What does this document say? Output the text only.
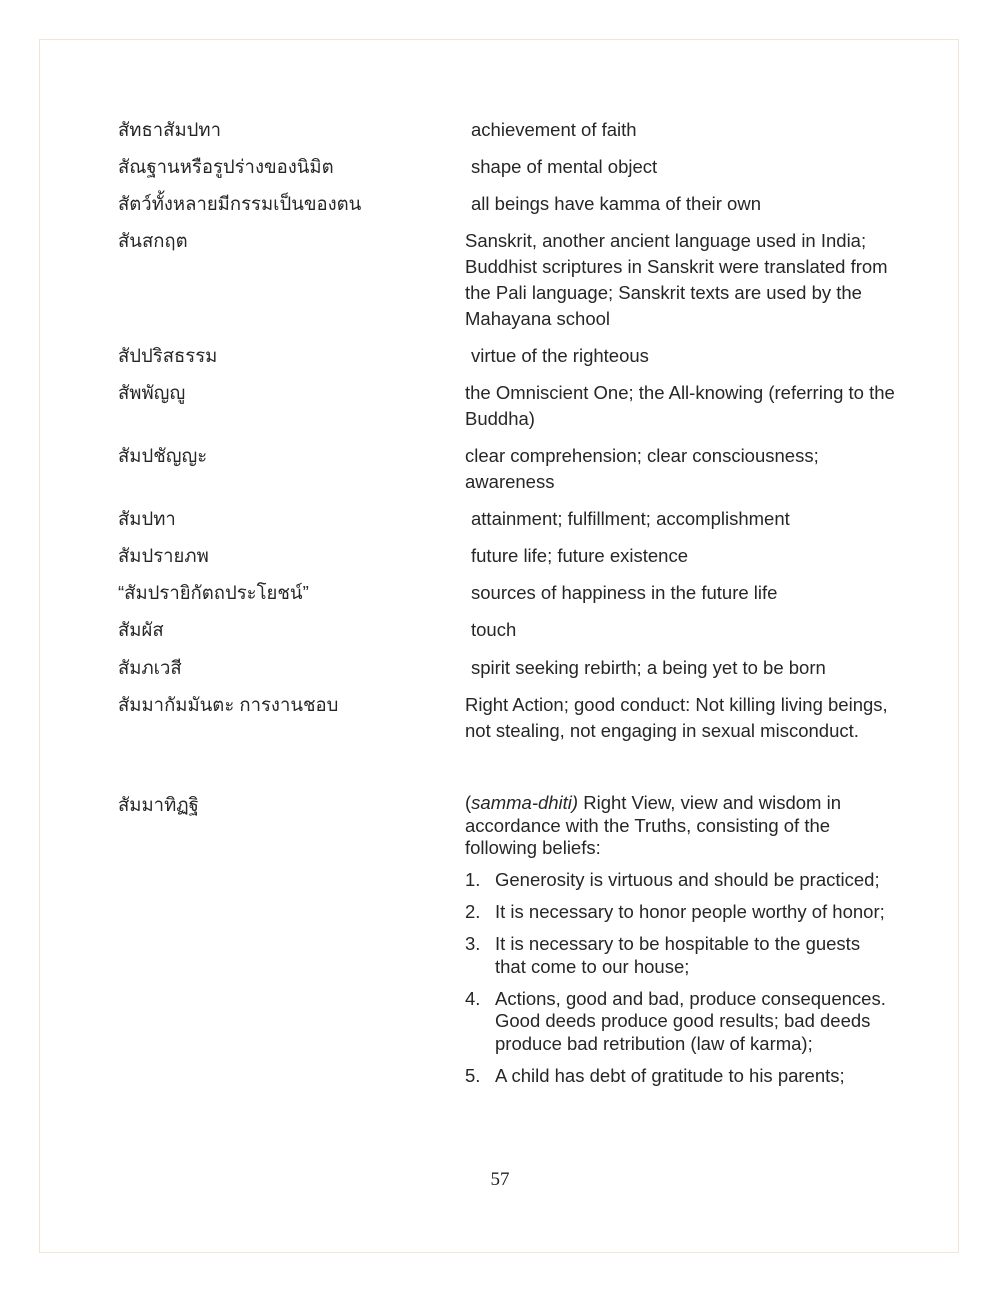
สัทธาสัมปทา	achievement of faith
สัณฐานหรือรูปร่างของนิมิต	shape of mental object
สัตว์ทั้งหลายมีกรรมเป็นของตน	all beings have kamma of their own
สันสกฤต	Sanskrit, another ancient language used in India; Buddhist scriptures in Sanskrit were translated from the Pali language; Sanskrit texts are used by the Mahayana school
สัปปริสธรรม	virtue of the righteous
สัพพัญญู	the Omniscient One; the All-knowing (referring to the Buddha)
สัมปชัญญะ	clear comprehension; clear consciousness; awareness
สัมปทา	attainment; fulfillment; accomplishment
สัมปรายภพ	future life; future existence
“สัมปรายิกัตถประโยชน์”	sources of happiness in the future life
สัมผัส	touch
สัมภเวสี	spirit seeking rebirth; a being yet to be born
สัมมากัมมันตะ การงานชอบ	Right Action; good conduct: Not killing living beings, not stealing, not engaging in sexual misconduct.
สัมมาทิฏฐิ	(samma-dhiti) Right View, view and wisdom in accordance with the Truths, consisting of the following beliefs:
1. Generosity is virtuous and should be practiced;
2. It is necessary to honor people worthy of honor;
3. It is necessary to be hospitable to the guests that come to our house;
4. Actions, good and bad, produce consequences. Good deeds produce good results; bad deeds produce bad retribution (law of karma);
5. A child has debt of gratitude to his parents;
57
